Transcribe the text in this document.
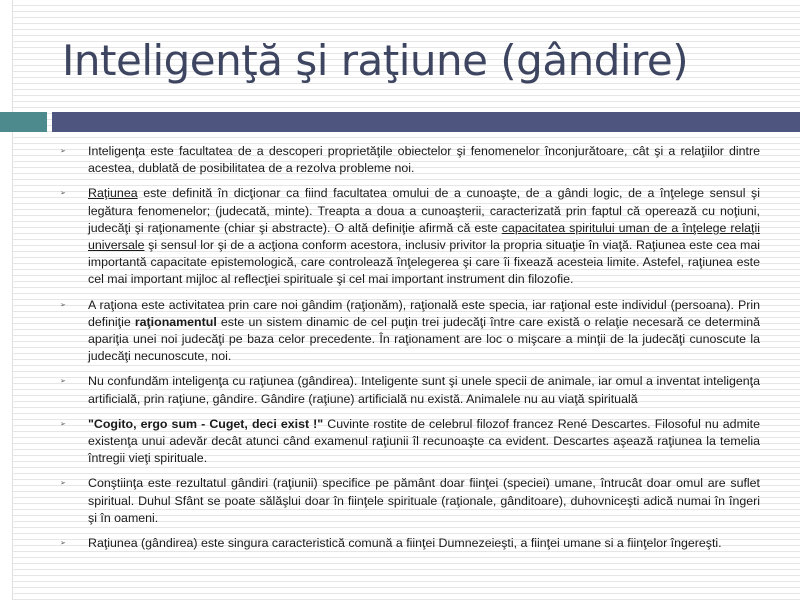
Inteligenţă şi raţiune (gândire)
➢	Inteligenţa este facultatea de a descoperi proprietăţile obiectelor şi fenomenelor înconjurătoare, cât şi a relaţiilor dintre acestea, dublată de posibilitatea de a rezolva probleme noi.
➢	Raţiunea este definită în dicţionar ca fiind facultatea omului de a cunoaşte, de a gândi logic, de a înţelege sensul şi legătura fenomenelor; (judecată, minte). Treapta a doua a cunoaşterii, caracterizată prin faptul că operează cu noţiuni, judecăţi şi raţionamente (chiar şi abstracte). O altă definiţie afirmă că este capacitatea spiritului uman de a înţelege relaţii universale şi sensul lor şi de a acţiona conform acestora, inclusiv privitor la propria situaţie în viaţă. Raţiunea este cea mai importantă capacitate epistemologică, care controlează înţelegerea şi care îi fixează acesteia limite. Astefel, raţiunea este cel mai important mijloc al reflecţiei spirituale şi cel mai important instrument din filozofie.
➢	A raţiona este activitatea prin care noi gândim (raţionăm), raţională este specia, iar raţional este individul (persoana). Prin definiţie raţionamentul este un sistem dinamic de cel puţin trei judecăţi între care există o relaţie necesară ce determină apariţia unei noi judecăţi pe baza celor precedente. În raţionament are loc o mişcare a minţii de la judecăţi cunoscute la judecăţi necunoscute, noi.
➢	Nu confundăm inteligenţa cu raţiunea (gândirea). Inteligente sunt şi unele specii de animale, iar omul a inventat inteligenţa artificială, prin raţiune, gândire. Gândire (raţiune) artificială nu există. Animalele nu au viaţă spirituală
➢	"Cogito, ergo sum - Cuget, deci exist !" Cuvinte rostite de celebrul filozof francez René Descartes. Filosoful nu admite existenţa unui adevăr decât atunci când examenul raţiunii îl recunoaşte ca evident. Descartes aşează raţiunea la temelia întregii vieţi spirituale.
➢	Conştiinţa este rezultatul gândiri (raţiunii) specifice pe pământ doar fiinţei (speciei) umane, întrucât doar omul are suflet spiritual. Duhul Sfânt se poate sălăşlui doar în fiinţele spirituale (raţionale, gânditoare), duhovniceşti adică numai în îngeri şi în oameni.
➢	Raţiunea (gândirea) este singura caracteristică comună a fiinţei Dumnezeieşti, a fiinţei umane si a fiinţelor îngereşti.
